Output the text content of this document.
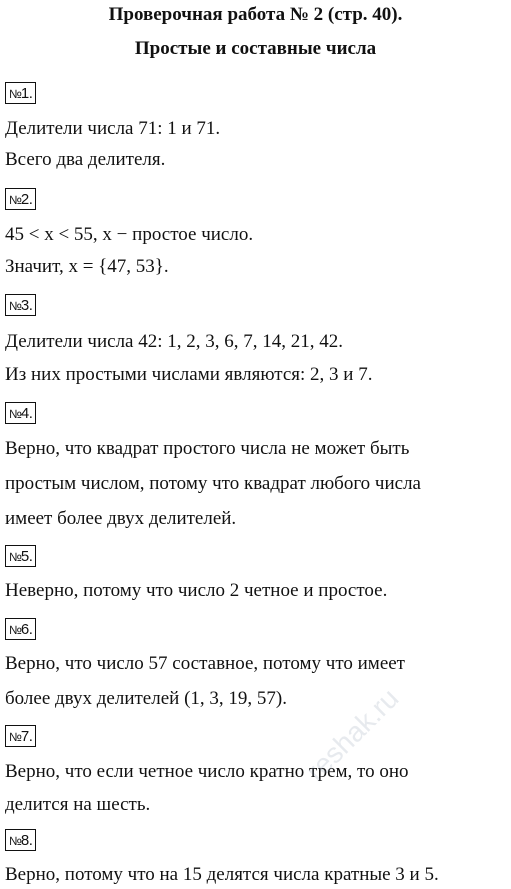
Проверочная работа № 2 (стр. 40).
Простые и составные числа
№1.
Делители числа 71: 1 и 71.
Всего два делителя.
№2.
45 < x < 55, x − простое число.
Значит, x = {47, 53}.
№3.
Делители числа 42: 1, 2, 3, 6, 7, 14, 21, 42.
Из них простыми числами являются: 2, 3 и 7.
№4.
Верно, что квадрат простого числа не может быть
простым числом, потому что квадрат любого числа
имеет более двух делителей.
№5.
Неверно, потому что число 2 четное и простое.
№6.
Верно, что число 57 составное, потому что имеет
более двух делителей (1, 3, 19, 57).
№7.
Верно, что если четное число кратно трем, то оно
делится на шесть.
№8.
Верно, потому что на 15 делятся числа кратные 3 и 5.
reshak.ru
